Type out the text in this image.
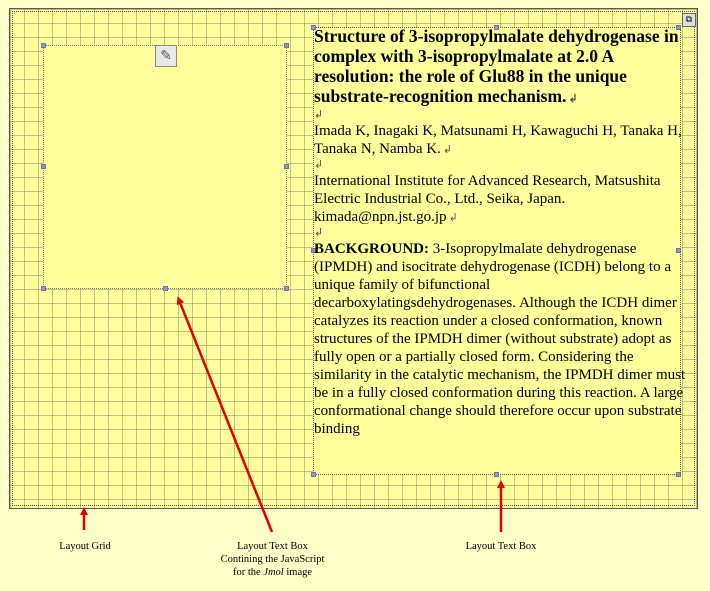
⧉
✎

Structure of 3-isopropylmalate dehydrogenase in complex with 3-isopropylmalate at 2.0 A resolution: the role of Glu88 in the unique substrate-recognition mechanism. ↲

↲

Imada K, Inagaki K, Matsunami H, Kawaguchi H, Tanaka H, Tanaka N, Namba K. ↲

↲

International Institute for Advanced Research, Matsushita Electric Industrial Co., Ltd., Seika, Japan. kimada@npn.jst.go.jp ↲

↲

BACKGROUND: 3-Isopropylmalate dehydrogenase (IPMDH) and isocitrate dehydrogenase (ICDH) belong to a unique family of bifunctional decarboxylatingsdehydrogenases. Although the ICDH dimer catalyzes its reaction under a closed conformation, known structures of the IPMDH dimer (without substrate) adopt as fully open or a partially closed form. Considering the similarity in the catalytic mechanism, the IPMDH dimer must be in a fully closed conformation during this reaction. A large conformational change should therefore occur upon substrate binding

Layout Grid	Layout Text Box
Contining the JavaScript
for the Jmol image
Layout Text Box
